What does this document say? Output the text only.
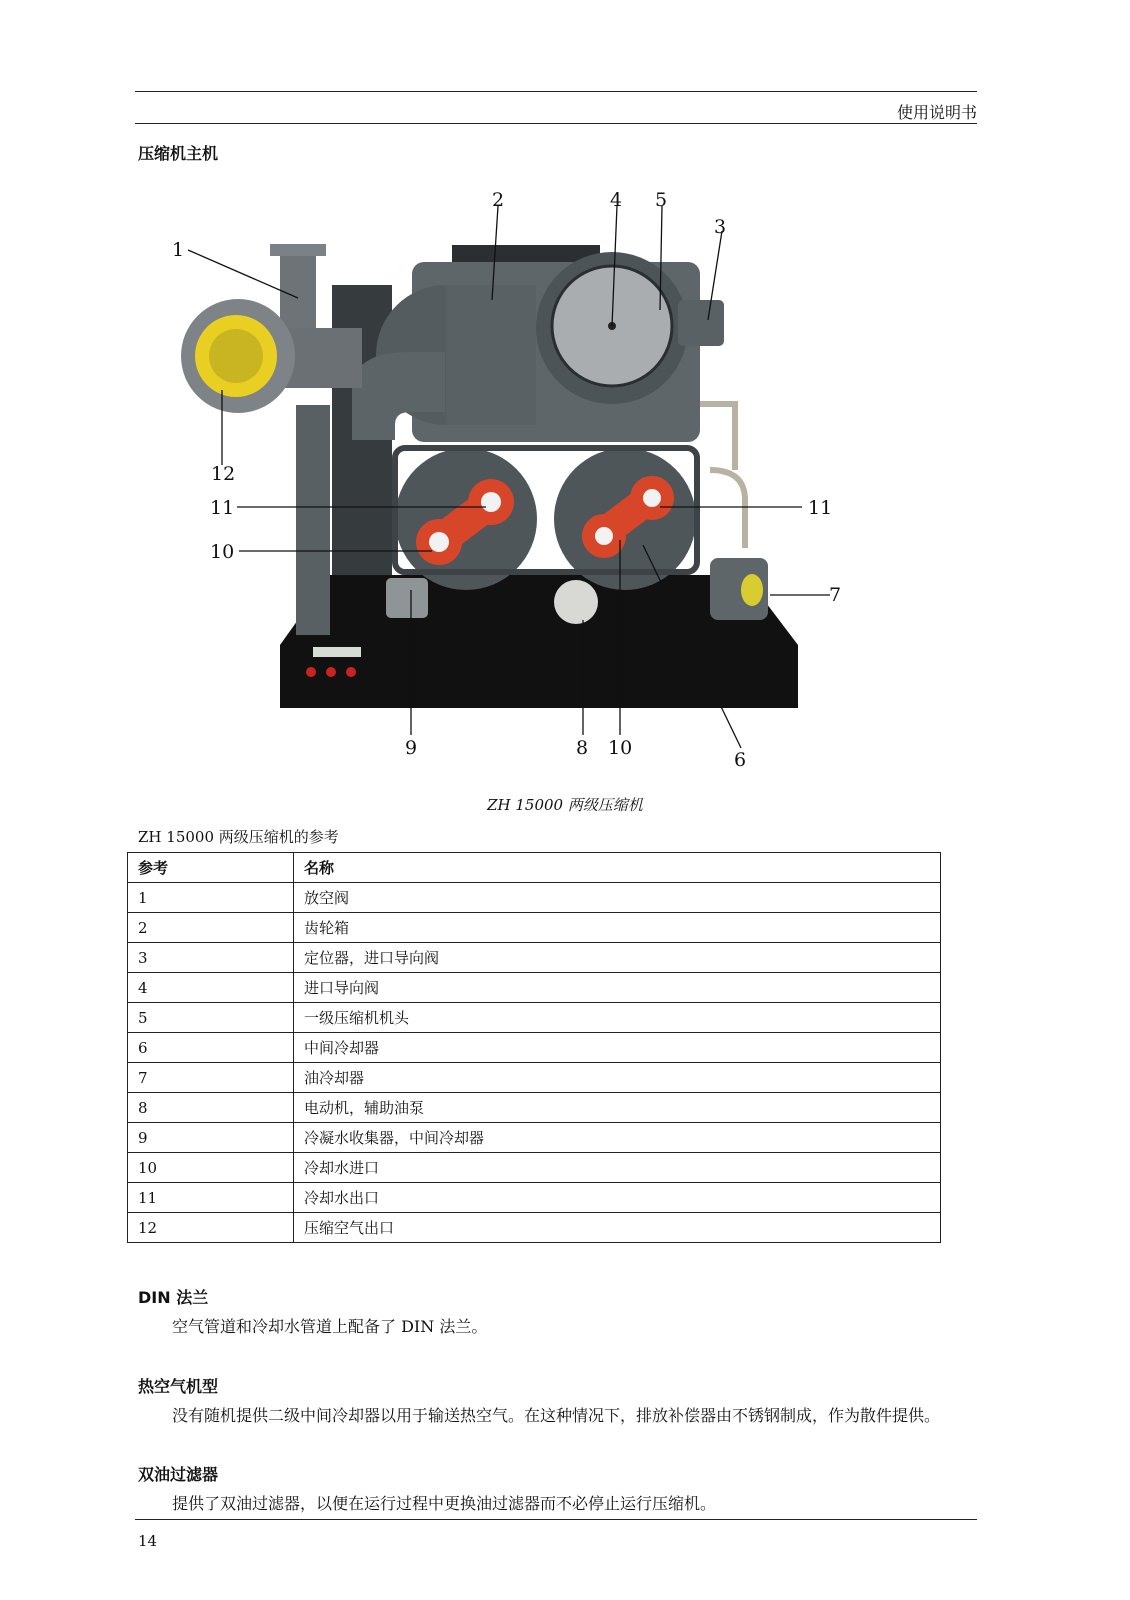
使用说明书
压缩机主机
1
2
3
4 5
6
7
8
9
10
10
11	11
12
ZH 15000 两级压缩机
ZH 15000 两级压缩机的参考
参考	名称
1	放空阀
2	齿轮箱
3	定位器，进口导向阀
4	进口导向阀
5	一级压缩机机头
6	中间冷却器
7	油冷却器
8	电动机，辅助油泵
9	冷凝水收集器，中间冷却器
10	冷却水进口
11	冷却水出口
12	压缩空气出口
DIN 法兰
空气管道和冷却水管道上配备了 DIN 法兰。
热空气机型
没有随机提供二级中间冷却器以用于输送热空气。在这种情况下，排放补偿器由不锈钢制成，作为散件提供。
双油过滤器
提供了双油过滤器，以便在运行过程中更换油过滤器而不必停止运行压缩机。
14
